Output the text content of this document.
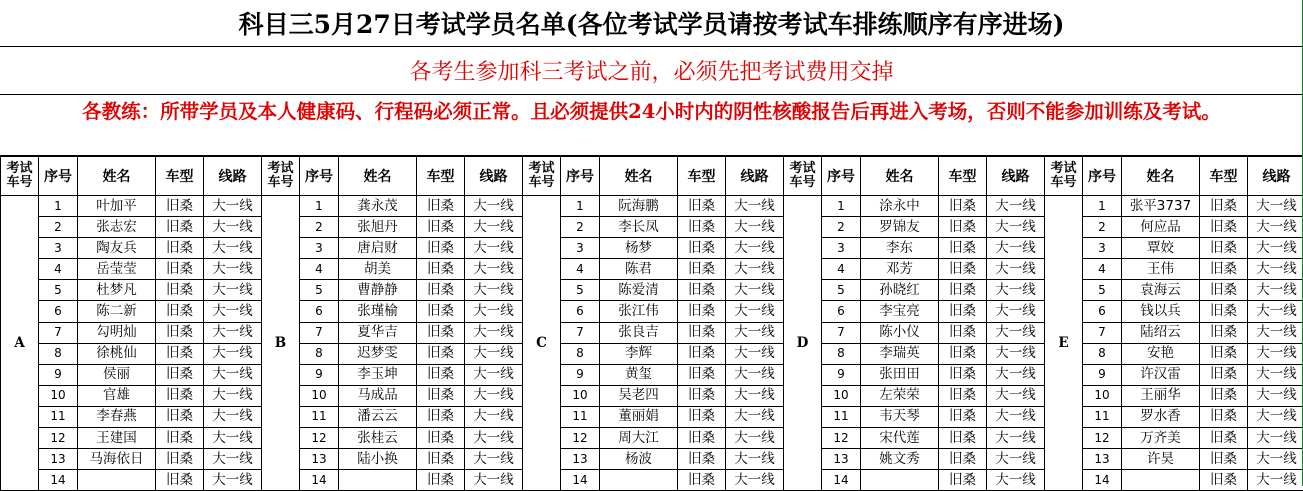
科目三5月27日考试学员名单(各位考试学员请按考试车排练顺序有序进场)
各考生参加科三考试之前，必须先把考试费用交掉
各教练：所带学员及本人健康码、行程码必须正常。且必须提供24小时内的阴性核酸报告后再进入考场，否则不能参加训练及考试。
考试车号	序号	姓名	车型	线路
A	1	叶加平	旧桑	大一线
	2	张志宏	旧桑	大一线
	3	陶友兵	旧桑	大一线
	4	岳莹莹	旧桑	大一线
	5	杜梦凡	旧桑	大一线
	6	陈二新	旧桑	大一线
	7	勾明灿	旧桑	大一线
	8	徐桃仙	旧桑	大一线
	9	侯丽	旧桑	大一线
	10	官雄	旧桑	大一线
	11	李春燕	旧桑	大一线
	12	王建国	旧桑	大一线
	13	马海依日	旧桑	大一线
	14		旧桑	大一线
考试车号	序号	姓名	车型	线路
B	1	龚永茂	旧桑	大一线
	2	张旭丹	旧桑	大一线
	3	唐启财	旧桑	大一线
	4	胡美	旧桑	大一线
	5	曹静静	旧桑	大一线
	6	张瑾榆	旧桑	大一线
	7	夏华吉	旧桑	大一线
	8	迟梦雯	旧桑	大一线
	9	李玉坤	旧桑	大一线
	10	马成品	旧桑	大一线
	11	潘云云	旧桑	大一线
	12	张桂云	旧桑	大一线
	13	陆小换	旧桑	大一线
	14		旧桑	大一线
考试车号	序号	姓名	车型	线路
C	1	阮海鹏	旧桑	大一线
	2	李长凤	旧桑	大一线
	3	杨梦	旧桑	大一线
	4	陈君	旧桑	大一线
	5	陈爱清	旧桑	大一线
	6	张江伟	旧桑	大一线
	7	张良吉	旧桑	大一线
	8	李辉	旧桑	大一线
	9	黄玺	旧桑	大一线
	10	吴老四	旧桑	大一线
	11	董丽娟	旧桑	大一线
	12	周大江	旧桑	大一线
	13	杨波	旧桑	大一线
	14		旧桑	大一线
考试车号	序号	姓名	车型	线路
D	1	涂永中	旧桑	大一线
	2	罗锦友	旧桑	大一线
	3	李东	旧桑	大一线
	4	邓芳	旧桑	大一线
	5	孙晓红	旧桑	大一线
	6	李宝亮	旧桑	大一线
	7	陈小仪	旧桑	大一线
	8	李瑞英	旧桑	大一线
	9	张田田	旧桑	大一线
	10	左荣荣	旧桑	大一线
	11	韦天琴	旧桑	大一线
	12	宋代莲	旧桑	大一线
	13	姚文秀	旧桑	大一线
	14		旧桑	大一线
考试车号	序号	姓名	车型	线路
E	1	张平3737	旧桑	大一线
	2	何应品	旧桑	大一线
	3	覃姣	旧桑	大一线
	4	王伟	旧桑	大一线
	5	袁海云	旧桑	大一线
	6	钱以兵	旧桑	大一线
	7	陆绍云	旧桑	大一线
	8	安艳	旧桑	大一线
	9	许汉雷	旧桑	大一线
	10	王丽华	旧桑	大一线
	11	罗水香	旧桑	大一线
	12	万齐美	旧桑	大一线
	13	许昊	旧桑	大一线
	14		旧桑	大一线
